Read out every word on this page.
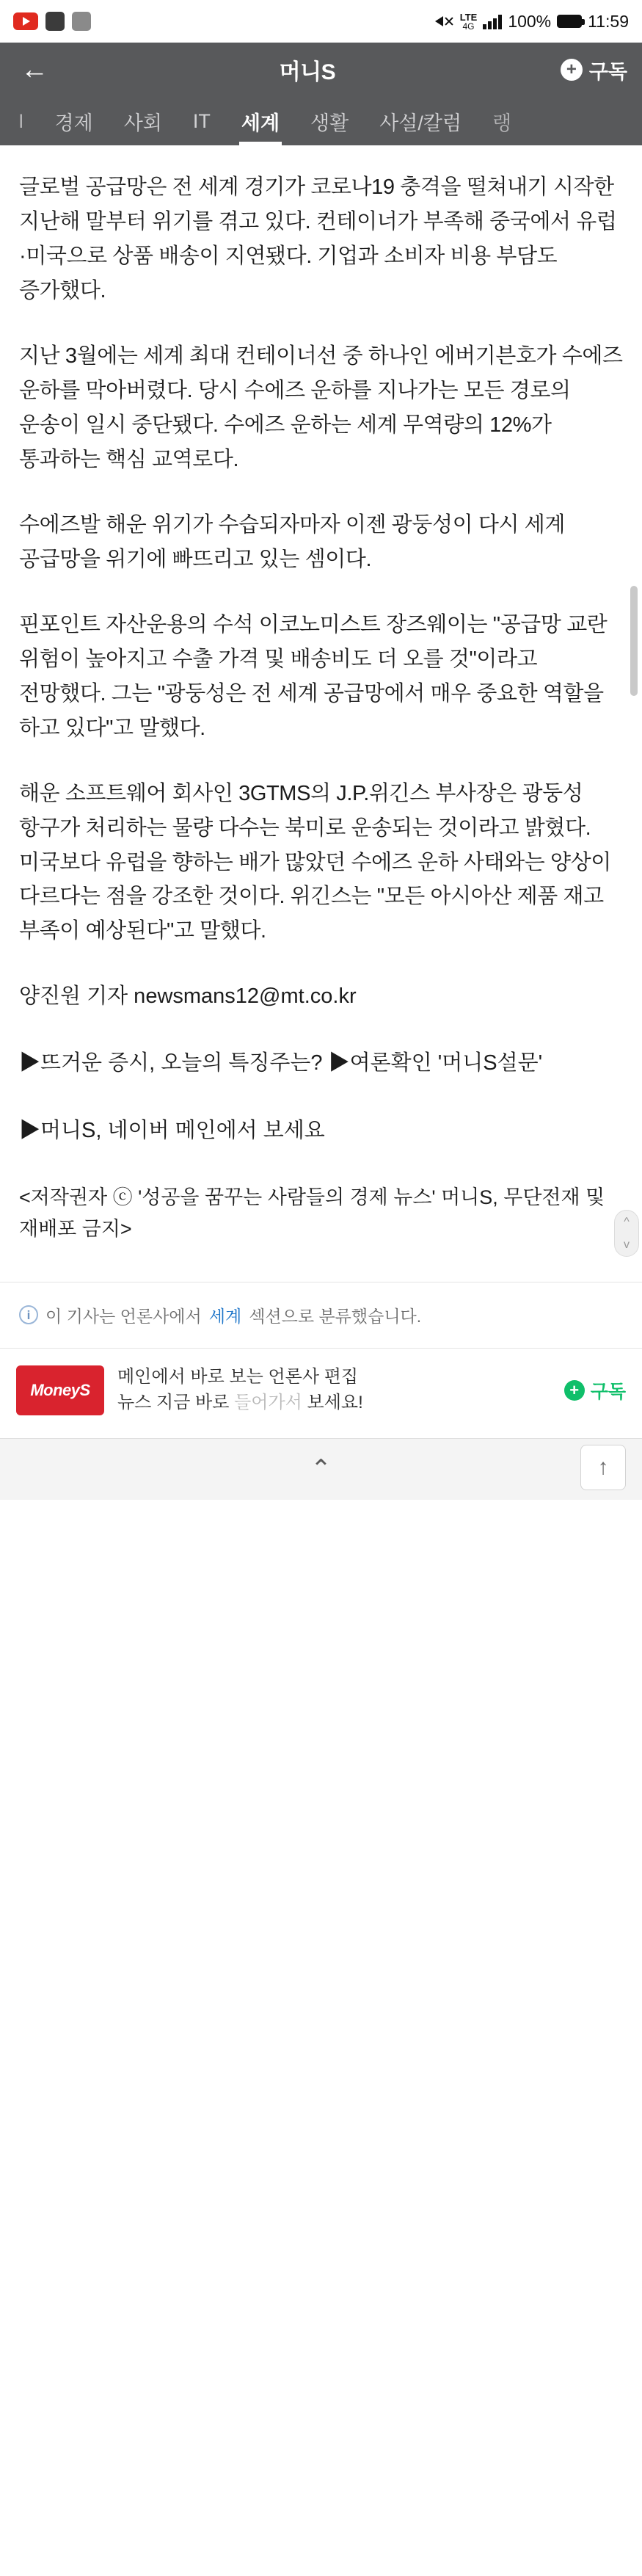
LTE
4G 100% 11:59
←	머니S	+ 구독
I	경제	사회	IT	세계	생활	사설/칼럼	랭

글로벌 공급망은 전 세계 경기가 코로나19 충격을 떨쳐내기 시작한 지난해 말부터 위기를 겪고 있다. 컨테이너가 부족해 중국에서 유럽·미국으로 상품 배송이 지연됐다. 기업과 소비자 비용 부담도 증가했다.

지난 3월에는 세계 최대 컨테이너선 중 하나인 에버기븐호가 수에즈 운하를 막아버렸다. 당시 수에즈 운하를 지나가는 모든 경로의 운송이 일시 중단됐다. 수에즈 운하는 세계 무역량의 12%가 통과하는 핵심 교역로다.

수에즈발 해운 위기가 수습되자마자 이젠 광둥성이 다시 세계 공급망을 위기에 빠뜨리고 있는 셈이다.

핀포인트 자산운용의 수석 이코노미스트 장즈웨이는 "공급망 교란 위험이 높아지고 수출 가격 및 배송비도 더 오를 것"이라고 전망했다. 그는 "광둥성은 전 세계 공급망에서 매우 중요한 역할을 하고 있다"고 말했다.

해운 소프트웨어 회사인 3GTMS의 J.P.위긴스 부사장은 광둥성 항구가 처리하는 물량 다수는 북미로 운송되는 것이라고 밝혔다. 미국보다 유럽을 향하는 배가 많았던 수에즈 운하 사태와는 양상이 다르다는 점을 강조한 것이다. 위긴스는 "모든 아시아산 제품 재고 부족이 예상된다"고 말했다.

양진원 기자 newsmans12@mt.co.kr
▶뜨거운 증시, 오늘의 특징주는? ▶여론확인 '머니S설문'
▶머니S, 네이버 메인에서 보세요
<저작권자 ⓒ '성공을 꿈꾸는 사람들의 경제 뉴스' 머니S, 무단전재 및 재배포 금지>	^
v
i 이 기사는 언론사에서 세계 섹션으로 분류했습니다.
MoneyS
메인에서 바로 보는 언론사 편집
뉴스 지금 바로 들어가서 보세요!
+ 구독
⌃	↑
